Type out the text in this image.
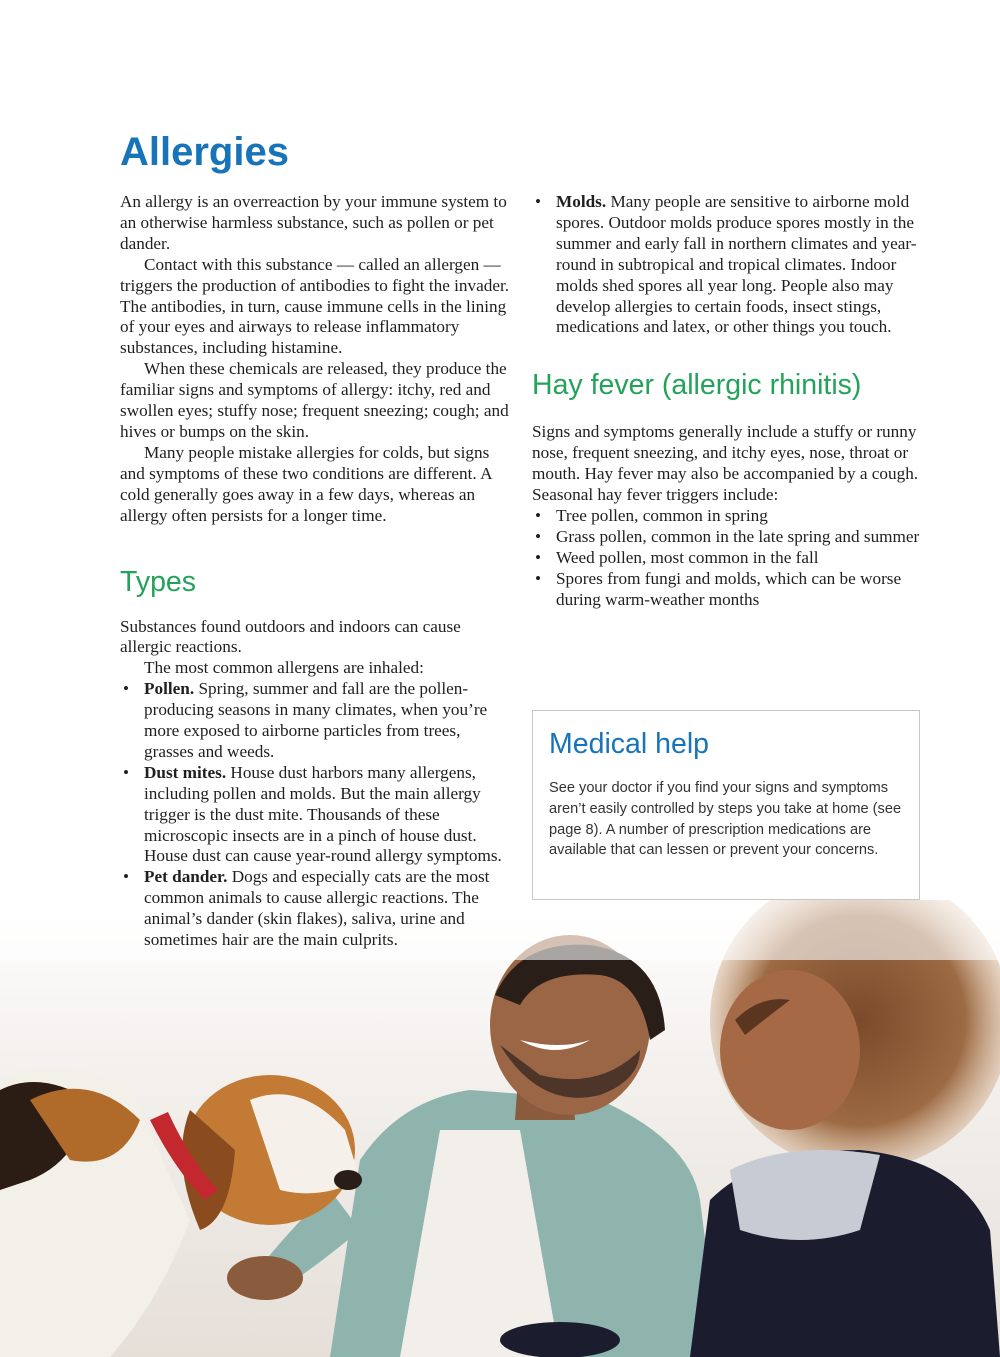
Allergies

An allergy is an overreaction by your immune system to an otherwise harmless substance, such as pollen or pet dander.

Contact with this substance — called an allergen — triggers the production of antibodies to fight the invader. The antibodies, in turn, cause immune cells in the lining of your eyes and airways to release inflammatory substances, including histamine.

When these chemicals are released, they produce the familiar signs and symptoms of allergy: itchy, red and swollen eyes; stuffy nose; frequent sneezing; cough; and hives or bumps on the skin.

Many people mistake allergies for colds, but signs and symptoms of these two conditions are different. A cold generally goes away in a few days, whereas an allergy often persists for a longer time.

Types

Substances found outdoors and indoors can cause allergic reactions.

The most common allergens are inhaled:

• Pollen. Spring, summer and fall are the pollen-producing seasons in many climates, when you’re more exposed to airborne particles from trees, grasses and weeds.
• Dust mites. House dust harbors many allergens, including pollen and molds. But the main allergy trigger is the dust mite. Thousands of these microscopic insects are in a pinch of house dust. House dust can cause year-round allergy symptoms.
• Pet dander. Dogs and especially cats are the most common animals to cause allergic reactions. The animal’s dander (skin flakes), saliva, urine and sometimes hair are the main culprits.
• Molds. Many people are sensitive to airborne mold spores. Outdoor molds produce spores mostly in the summer and early fall in northern climates and year-round in subtropical and tropical climates. Indoor molds shed spores all year long. People also may develop allergies to certain foods, insect stings, medications and latex, or other things you touch.
Hay fever (allergic rhinitis)

Signs and symptoms generally include a stuffy or runny nose, frequent sneezing, and itchy eyes, nose, throat or mouth. Hay fever may also be accompanied by a cough. Seasonal hay fever triggers include:

• Tree pollen, common in spring
• Grass pollen, common in the late spring and summer
• Weed pollen, most common in the fall
• Spores from fungi and molds, which can be worse during warm-weather months
Medical help

See your doctor if you find your signs and symptoms aren’t easily controlled by steps you take at home (see page 8). A number of prescription medications are available that can lessen or prevent your concerns.
